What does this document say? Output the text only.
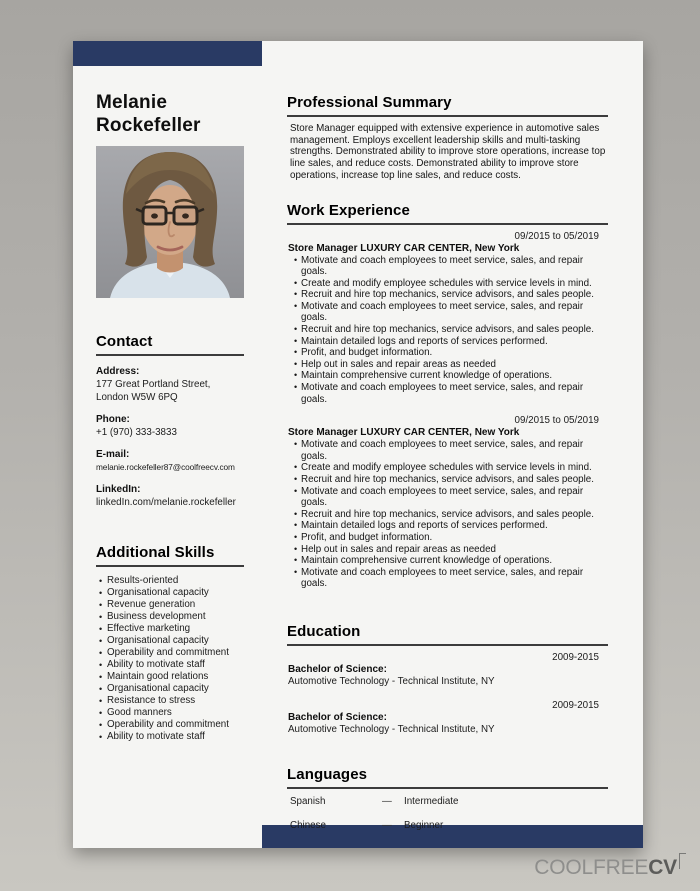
Melanie
Rockefeller
Contact
Address:
177 Great Portland Street, London W5W 6PQ
Phone:
+1 (970) 333-3833
E-mail:
melanie.rockefeller87@coolfreecv.com
LinkedIn:
linkedIn.com/melanie.rockefeller
Additional Skills
• Results-oriented
• Organisational capacity
• Revenue generation
• Business development
• Effective marketing
• Organisational capacity
• Operability and commitment
• Ability to motivate staff
• Maintain good relations
• Organisational capacity
• Resistance to stress
• Good manners
• Operability and commitment
• Ability to motivate staff
Professional Summary

Store Manager equipped with extensive experience in automotive sales management. Employs excellent leadership skills and multi-tasking strengths. Demonstrated ability to improve store operations, increase top line sales, and reduce costs. Demonstrated ability to improve store operations, increase top line sales, and reduce costs.

Work Experience
09/2015 to 05/2019
Store Manager LUXURY CAR CENTER, New York
• Motivate and coach employees to meet service, sales, and repair goals.
• Create and modify employee schedules with service levels in mind.
• Recruit and hire top mechanics, service advisors, and sales people.
• Motivate and coach employees to meet service, sales, and repair goals.
• Recruit and hire top mechanics, service advisors, and sales people.
• Maintain detailed logs and reports of services performed.
• Profit, and budget information.
• Help out in sales and repair areas as needed
• Maintain comprehensive current knowledge of operations.
• Motivate and coach employees to meet service, sales, and repair goals.
09/2015 to 05/2019
Store Manager LUXURY CAR CENTER, New York
• Motivate and coach employees to meet service, sales, and repair goals.
• Create and modify employee schedules with service levels in mind.
• Recruit and hire top mechanics, service advisors, and sales people.
• Motivate and coach employees to meet service, sales, and repair goals.
• Recruit and hire top mechanics, service advisors, and sales people.
• Maintain detailed logs and reports of services performed.
• Profit, and budget information.
• Help out in sales and repair areas as needed
• Maintain comprehensive current knowledge of operations.
• Motivate and coach employees to meet service, sales, and repair goals.
Education
2009-2015
Bachelor of Science:
Automotive Technology - Technical Institute, NY
2009-2015
Bachelor of Science:
Automotive Technology - Technical Institute, NY
Languages
Spanish	—	Intermediate
Chinese	—	Beginner
COOLFREECV
